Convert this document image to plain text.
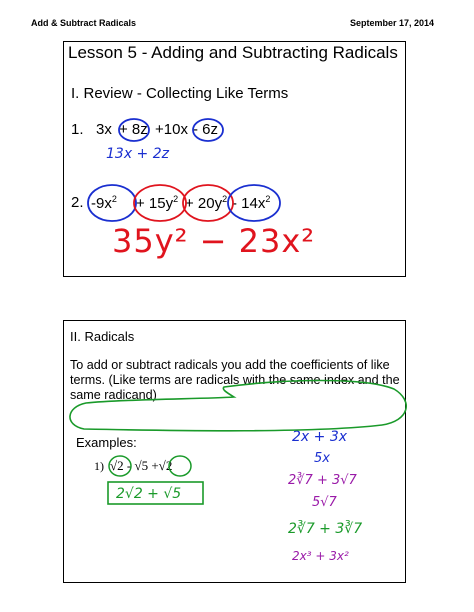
Add & Subtract Radicals	September 17, 2014
Lesson 5 - Adding and Subtracting Radicals
I. Review - Collecting Like Terms
1. 3x + 8z +10x - 6z
13x + 2z
2. $-9x^2 + 15y^2 + 20y^2 - 14x^2$
35y² − 23x²
II. Radicals
To add or subtract radicals you add the coefficients of like terms. (Like terms are radicals with the same index and the same radicand)
Examples:
1) √2 - √5 +√2
2√2 + √5
2x + 3x
5x
2∛7 + 3√7
5√7
2∛7 + 3∛7
2x³ + 3x²
